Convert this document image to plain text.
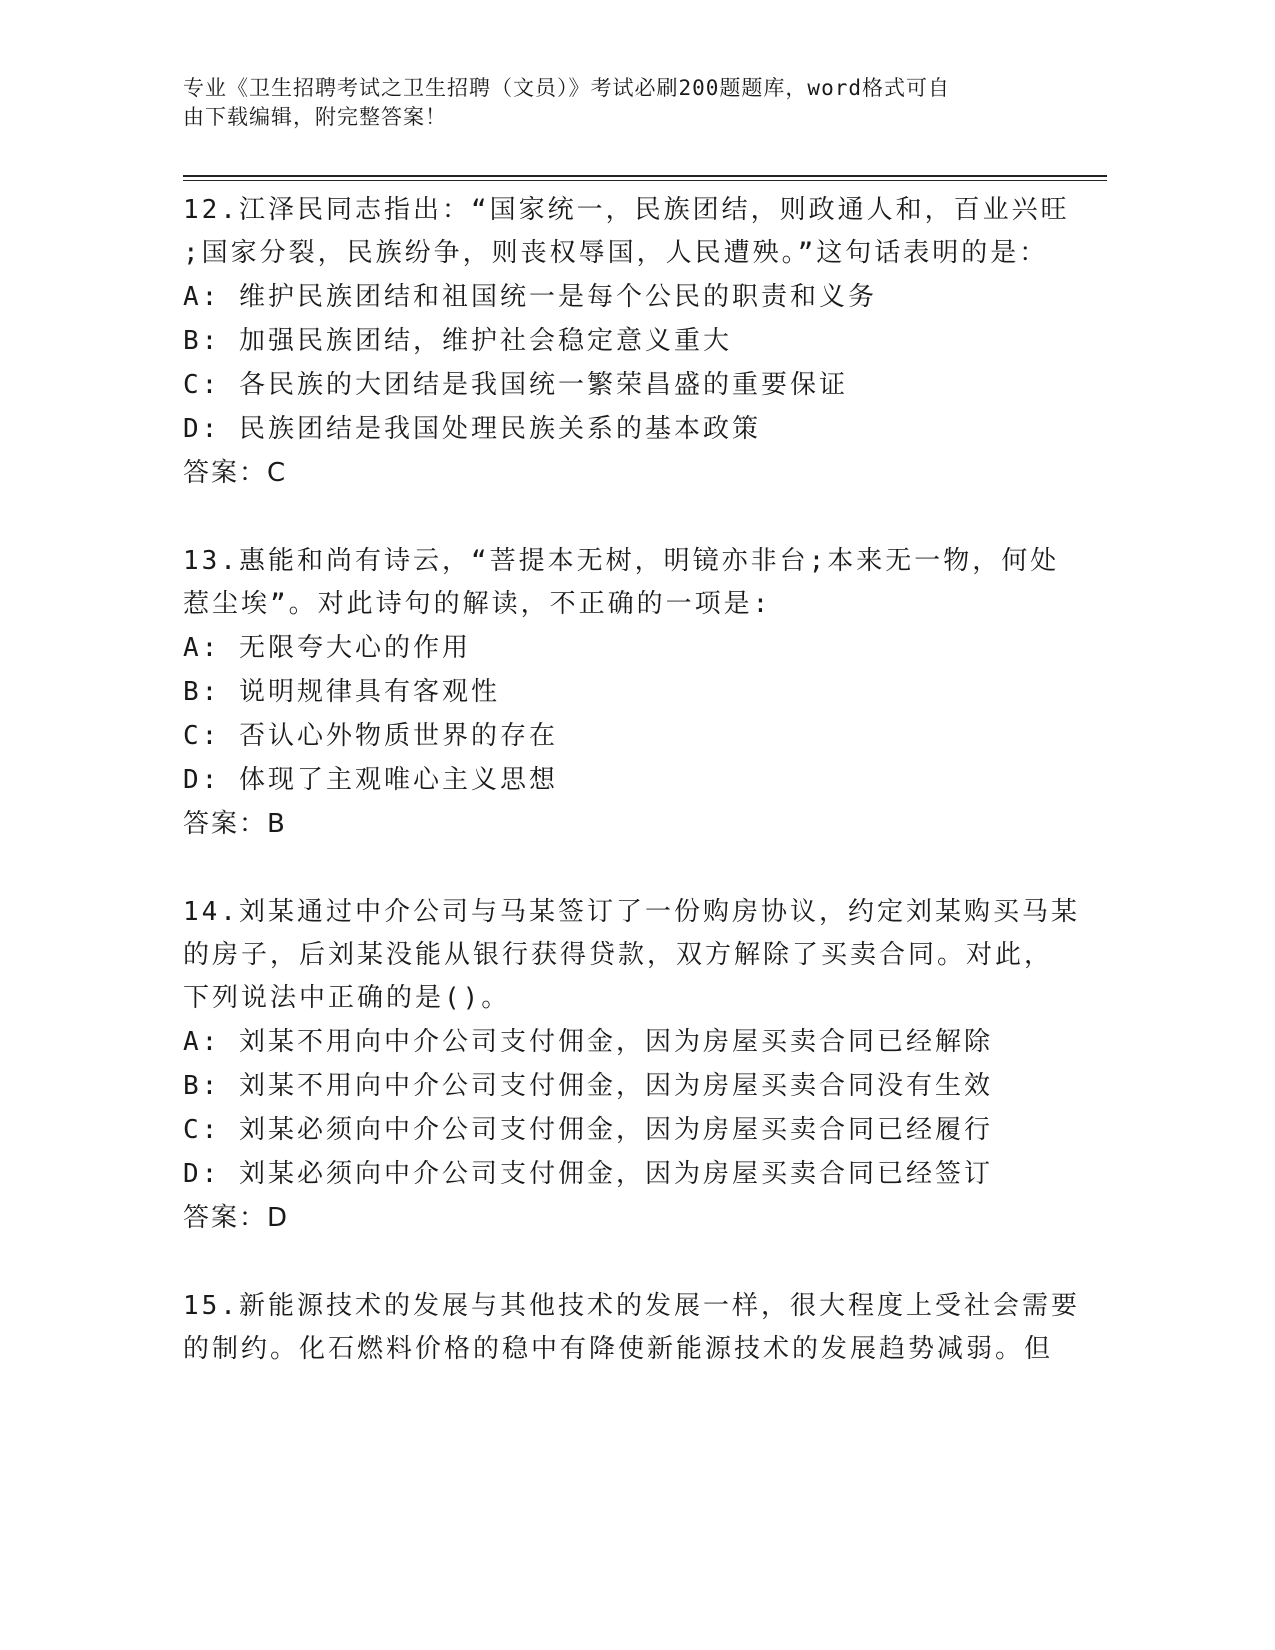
专业《卫生招聘考试之卫生招聘（文员）》考试必刷200题题库，word格式可自
由下载编辑，附完整答案！

12.江泽民同志指出：“国家统一，民族团结，则政通人和，百业兴旺

;国家分裂，民族纷争，则丧权辱国，人民遭殃。”这句话表明的是：

A: 维护民族团结和祖国统一是每个公民的职责和义务

B: 加强民族团结，维护社会稳定意义重大

C: 各民族的大团结是我国统一繁荣昌盛的重要保证

D: 民族团结是我国处理民族关系的基本政策

答案：C

13.惠能和尚有诗云，“菩提本无树，明镜亦非台;本来无一物，何处

惹尘埃”。对此诗句的解读，不正确的一项是:

A: 无限夸大心的作用

B: 说明规律具有客观性

C: 否认心外物质世界的存在

D: 体现了主观唯心主义思想

答案：B

14.刘某通过中介公司与马某签订了一份购房协议，约定刘某购买马某

的房子，后刘某没能从银行获得贷款，双方解除了买卖合同。对此，

下列说法中正确的是()。

A: 刘某不用向中介公司支付佣金，因为房屋买卖合同已经解除

B: 刘某不用向中介公司支付佣金，因为房屋买卖合同没有生效

C: 刘某必须向中介公司支付佣金，因为房屋买卖合同已经履行

D: 刘某必须向中介公司支付佣金，因为房屋买卖合同已经签订

答案：D

15.新能源技术的发展与其他技术的发展一样，很大程度上受社会需要

的制约。化石燃料价格的稳中有降使新能源技术的发展趋势减弱。但
